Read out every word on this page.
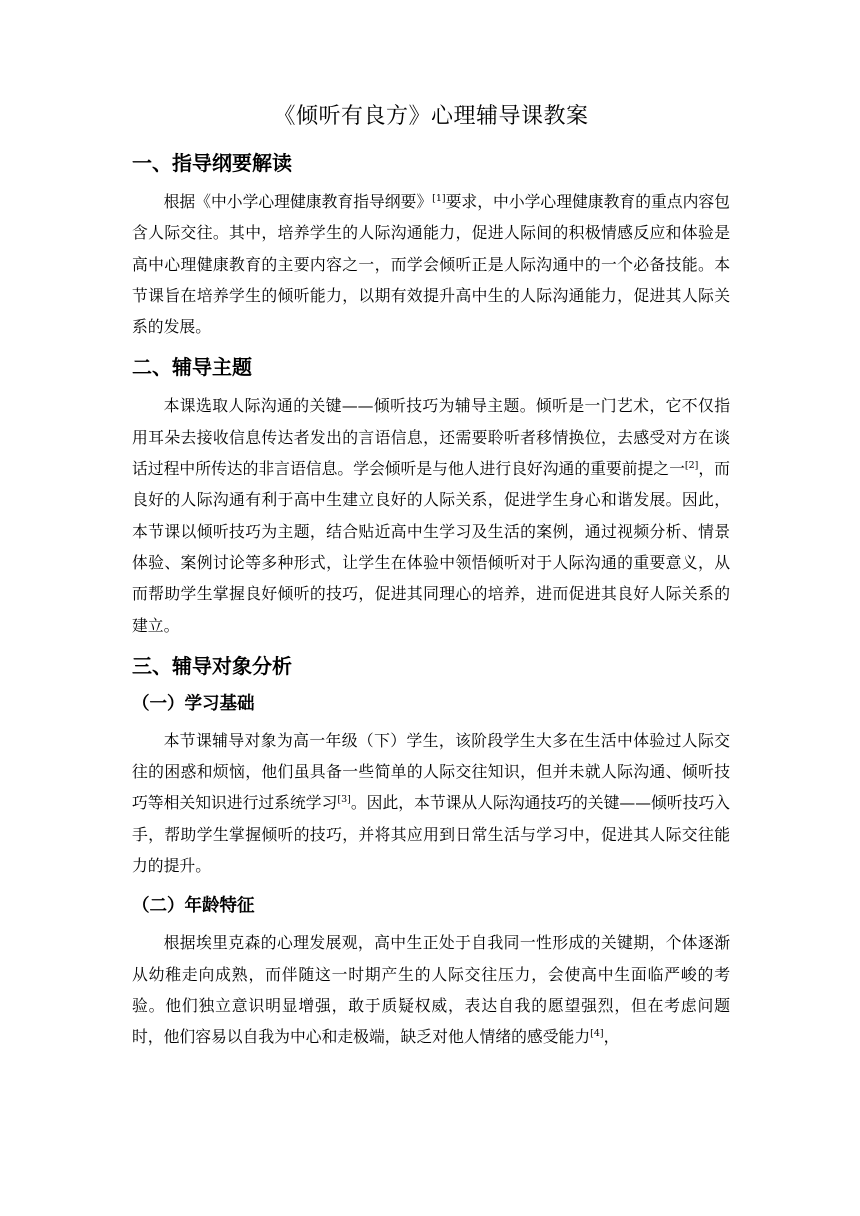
《倾听有良方》心理辅导课教案
一、指导纲要解读

根据《中小学心理健康教育指导纲要》[1]要求，中小学心理健康教育的重点内容包含人际交往。其中，培养学生的人际沟通能力，促进人际间的积极情感反应和体验是高中心理健康教育的主要内容之一，而学会倾听正是人际沟通中的一个必备技能。本节课旨在培养学生的倾听能力，以期有效提升高中生的人际沟通能力，促进其人际关系的发展。

二、辅导主题

本课选取人际沟通的关键——倾听技巧为辅导主题。倾听是一门艺术，它不仅指用耳朵去接收信息传达者发出的言语信息，还需要聆听者移情换位，去感受对方在谈话过程中所传达的非言语信息。学会倾听是与他人进行良好沟通的重要前提之一[2]，而良好的人际沟通有利于高中生建立良好的人际关系，促进学生身心和谐发展。因此，本节课以倾听技巧为主题，结合贴近高中生学习及生活的案例，通过视频分析、情景体验、案例讨论等多种形式，让学生在体验中领悟倾听对于人际沟通的重要意义，从而帮助学生掌握良好倾听的技巧，促进其同理心的培养，进而促进其良好人际关系的建立。

三、辅导对象分析
（一）学习基础

本节课辅导对象为高一年级（下）学生，该阶段学生大多在生活中体验过人际交往的困惑和烦恼，他们虽具备一些简单的人际交往知识，但并未就人际沟通、倾听技巧等相关知识进行过系统学习[3]。因此，本节课从人际沟通技巧的关键——倾听技巧入手，帮助学生掌握倾听的技巧，并将其应用到日常生活与学习中，促进其人际交往能力的提升。

（二）年龄特征

根据埃里克森的心理发展观，高中生正处于自我同一性形成的关键期，个体逐渐从幼稚走向成熟，而伴随这一时期产生的人际交往压力，会使高中生面临严峻的考验。他们独立意识明显增强，敢于质疑权威，表达自我的愿望强烈，但在考虑问题时，他们容易以自我为中心和走极端，缺乏对他人情绪的感受能力[4]，
